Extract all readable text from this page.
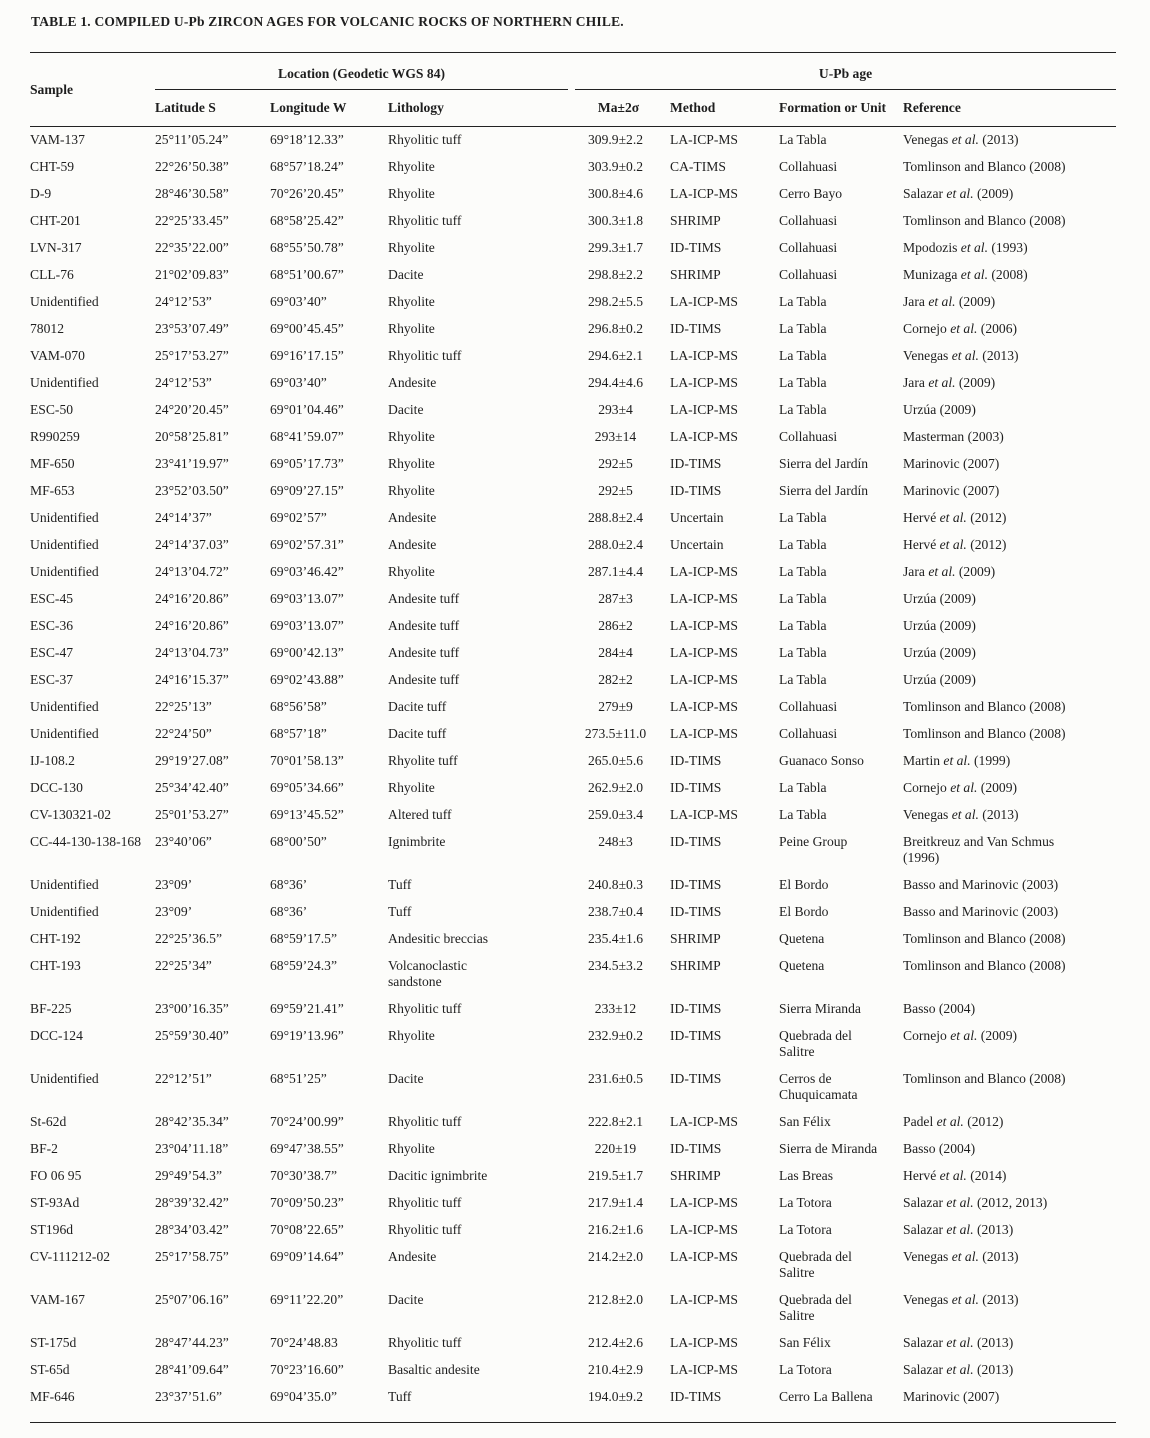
TABLE 1. COMPILED U-Pb ZIRCON AGES FOR VOLCANIC ROCKS OF NORTHERN CHILE.

Sample	Location (Geodetic WGS 84)			U-Pb age			

	Latitude S	Longitude W	Lithology	Ma±2σ	Method	Formation or Unit	Reference
VAM-137	25°11’05.24”	69°18’12.33”	Rhyolitic tuff	309.9±2.2	LA-ICP-MS	La Tabla	Venegas et al. (2013)
CHT-59	22°26’50.38”	68°57’18.24”	Rhyolite	303.9±0.2	CA-TIMS	Collahuasi	Tomlinson and Blanco (2008)
D-9	28°46’30.58”	70°26’20.45”	Rhyolite	300.8±4.6	LA-ICP-MS	Cerro Bayo	Salazar et al. (2009)
CHT-201	22°25’33.45”	68°58’25.42”	Rhyolitic tuff	300.3±1.8	SHRIMP	Collahuasi	Tomlinson and Blanco (2008)
LVN-317	22°35’22.00”	68°55’50.78”	Rhyolite	299.3±1.7	ID-TIMS	Collahuasi	Mpodozis et al. (1993)
CLL-76	21°02’09.83”	68°51’00.67”	Dacite	298.8±2.2	SHRIMP	Collahuasi	Munizaga et al. (2008)
Unidentified	24°12’53”	69°03’40”	Rhyolite	298.2±5.5	LA-ICP-MS	La Tabla	Jara et al. (2009)
78012	23°53’07.49”	69°00’45.45”	Rhyolite	296.8±0.2	ID-TIMS	La Tabla	Cornejo et al. (2006)
VAM-070	25°17’53.27”	69°16’17.15”	Rhyolitic tuff	294.6±2.1	LA-ICP-MS	La Tabla	Venegas et al. (2013)
Unidentified	24°12’53”	69°03’40”	Andesite	294.4±4.6	LA-ICP-MS	La Tabla	Jara et al. (2009)
ESC-50	24°20’20.45”	69°01’04.46”	Dacite	293±4	LA-ICP-MS	La Tabla	Urzúa (2009)
R990259	20°58’25.81”	68°41’59.07”	Rhyolite	293±14	LA-ICP-MS	Collahuasi	Masterman (2003)
MF-650	23°41’19.97”	69°05’17.73”	Rhyolite	292±5	ID-TIMS	Sierra del Jardín	Marinovic (2007)
MF-653	23°52’03.50”	69°09’27.15”	Rhyolite	292±5	ID-TIMS	Sierra del Jardín	Marinovic (2007)
Unidentified	24°14’37”	69°02’57”	Andesite	288.8±2.4	Uncertain	La Tabla	Hervé et al. (2012)
Unidentified	24°14’37.03”	69°02’57.31”	Andesite	288.0±2.4	Uncertain	La Tabla	Hervé et al. (2012)
Unidentified	24°13’04.72”	69°03’46.42”	Rhyolite	287.1±4.4	LA-ICP-MS	La Tabla	Jara et al. (2009)
ESC-45	24°16’20.86”	69°03’13.07”	Andesite tuff	287±3	LA-ICP-MS	La Tabla	Urzúa (2009)
ESC-36	24°16’20.86”	69°03’13.07”	Andesite tuff	286±2	LA-ICP-MS	La Tabla	Urzúa (2009)
ESC-47	24°13’04.73”	69°00’42.13”	Andesite tuff	284±4	LA-ICP-MS	La Tabla	Urzúa (2009)
ESC-37	24°16’15.37”	69°02’43.88”	Andesite tuff	282±2	LA-ICP-MS	La Tabla	Urzúa (2009)
Unidentified	22°25’13”	68°56’58”	Dacite tuff	279±9	LA-ICP-MS	Collahuasi	Tomlinson and Blanco (2008)
Unidentified	22°24’50”	68°57’18”	Dacite tuff	273.5±11.0	LA-ICP-MS	Collahuasi	Tomlinson and Blanco (2008)
IJ-108.2	29°19’27.08”	70°01’58.13”	Rhyolite tuff	265.0±5.6	ID-TIMS	Guanaco Sonso	Martin et al. (1999)
DCC-130	25°34’42.40”	69°05’34.66”	Rhyolite	262.9±2.0	ID-TIMS	La Tabla	Cornejo et al. (2009)
CV-130321-02	25°01’53.27”	69°13’45.52”	Altered tuff	259.0±3.4	LA-ICP-MS	La Tabla	Venegas et al. (2013)
CC-44-130-138-168	23°40’06”	68°00’50”	Ignimbrite	248±3	ID-TIMS	Peine Group	Breitkreuz and Van Schmus
(1996)
Unidentified	23°09’	68°36’	Tuff	240.8±0.3	ID-TIMS	El Bordo	Basso and Marinovic (2003)
Unidentified	23°09’	68°36’	Tuff	238.7±0.4	ID-TIMS	El Bordo	Basso and Marinovic (2003)
CHT-192	22°25’36.5”	68°59’17.5”	Andesitic breccias	235.4±1.6	SHRIMP	Quetena	Tomlinson and Blanco (2008)
CHT-193	22°25’34”	68°59’24.3”	Volcanoclastic
sandstone	234.5±3.2	SHRIMP	Quetena	Tomlinson and Blanco (2008)
BF-225	23°00’16.35”	69°59’21.41”	Rhyolitic tuff	233±12	ID-TIMS	Sierra Miranda	Basso (2004)
DCC-124	25°59’30.40”	69°19’13.96”	Rhyolite	232.9±0.2	ID-TIMS	Quebrada del
Salitre	Cornejo et al. (2009)
Unidentified	22°12’51”	68°51’25”	Dacite	231.6±0.5	ID-TIMS	Cerros de
Chuquicamata	Tomlinson and Blanco (2008)
St-62d	28°42’35.34”	70°24’00.99”	Rhyolitic tuff	222.8±2.1	LA-ICP-MS	San Félix	Padel et al. (2012)
BF-2	23°04’11.18”	69°47’38.55”	Rhyolite	220±19	ID-TIMS	Sierra de Miranda	Basso (2004)
FO 06 95	29°49’54.3”	70°30’38.7”	Dacitic ignimbrite	219.5±1.7	SHRIMP	Las Breas	Hervé et al. (2014)
ST-93Ad	28°39’32.42”	70°09’50.23”	Rhyolitic tuff	217.9±1.4	LA-ICP-MS	La Totora	Salazar et al. (2012, 2013)
ST196d	28°34’03.42”	70°08’22.65”	Rhyolitic tuff	216.2±1.6	LA-ICP-MS	La Totora	Salazar et al. (2013)
CV-111212-02	25°17’58.75”	69°09’14.64”	Andesite	214.2±2.0	LA-ICP-MS	Quebrada del
Salitre	Venegas et al. (2013)
VAM-167	25°07’06.16”	69°11’22.20”	Dacite	212.8±2.0	LA-ICP-MS	Quebrada del
Salitre	Venegas et al. (2013)
ST-175d	28°47’44.23”	70°24’48.83	Rhyolitic tuff	212.4±2.6	LA-ICP-MS	San Félix	Salazar et al. (2013)
ST-65d	28°41’09.64”	70°23’16.60”	Basaltic andesite	210.4±2.9	LA-ICP-MS	La Totora	Salazar et al. (2013)
MF-646	23°37’51.6”	69°04’35.0”	Tuff	194.0±9.2	ID-TIMS	Cerro La Ballena	Marinovic (2007)
